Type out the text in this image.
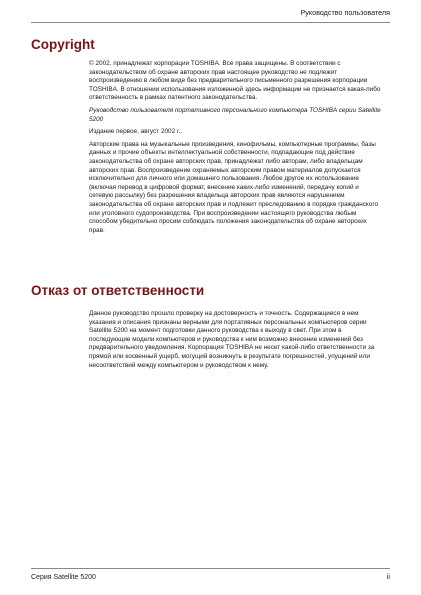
Руководство пользователя
Copyright

© 2002, принадлежат корпорации TOSHIBA. Все права защищены. В соответствии с законодательством об охране авторских прав настоящее руководство не подлежит воспроизведению в любом виде без предварительного письменного разрешения корпорации TOSHIBA. В отношении использования изложенной здесь информации не признается какая-либо ответственность в рамках патентного законодательства.

Руководство пользователя портативного персонального компьютера TOSHIBA серии Satellite 5200

Издание первое, август 2002 г..

Авторские права на музыкальные произведения, кинофильмы, компьютерные программы, базы данных и прочие объекты интеллектуальной собственности, подпадающие под действие законодательства об охране авторских прав, принадлежат либо авторам, либо владельцам авторских прав. Воспроизведение охраняемых авторским правом материалов допускается исключительно для личного или домашнего пользования. Любое другое их использование (включая перевод в цифровой формат, внесение каких-либо изменений, передачу копий и сетевую рассылку) без разрешения владельца авторских прав являются нарушением законодательства об охране авторских прав и подлежит преследованию в порядке гражданского или уголовного судопроизводства. При воспроизведении настоящего руководства любым способом убедительно просим соблюдать положения законодательства об охране авторских прав.

Отказ от ответственности

Данное руководство прошло проверку на достоверность и точность. Содержащиеся в нем указания и описания признаны верными для портативных персональных компьютеров серии Satellite 5200 на момент подготовки данного руководства к выходу в свет. При этом в последующие модели компьютеров и руководства к ним возможно внесение изменений без предварительного уведомления. Корпорация TOSHIBA не несет какой-либо ответственности за прямой или косвенный ущерб, могущий возникнуть в результате погрешностей, упущений или несоответствий между компьютером и руководством к нему.

Серия Satellite 5200	ii
